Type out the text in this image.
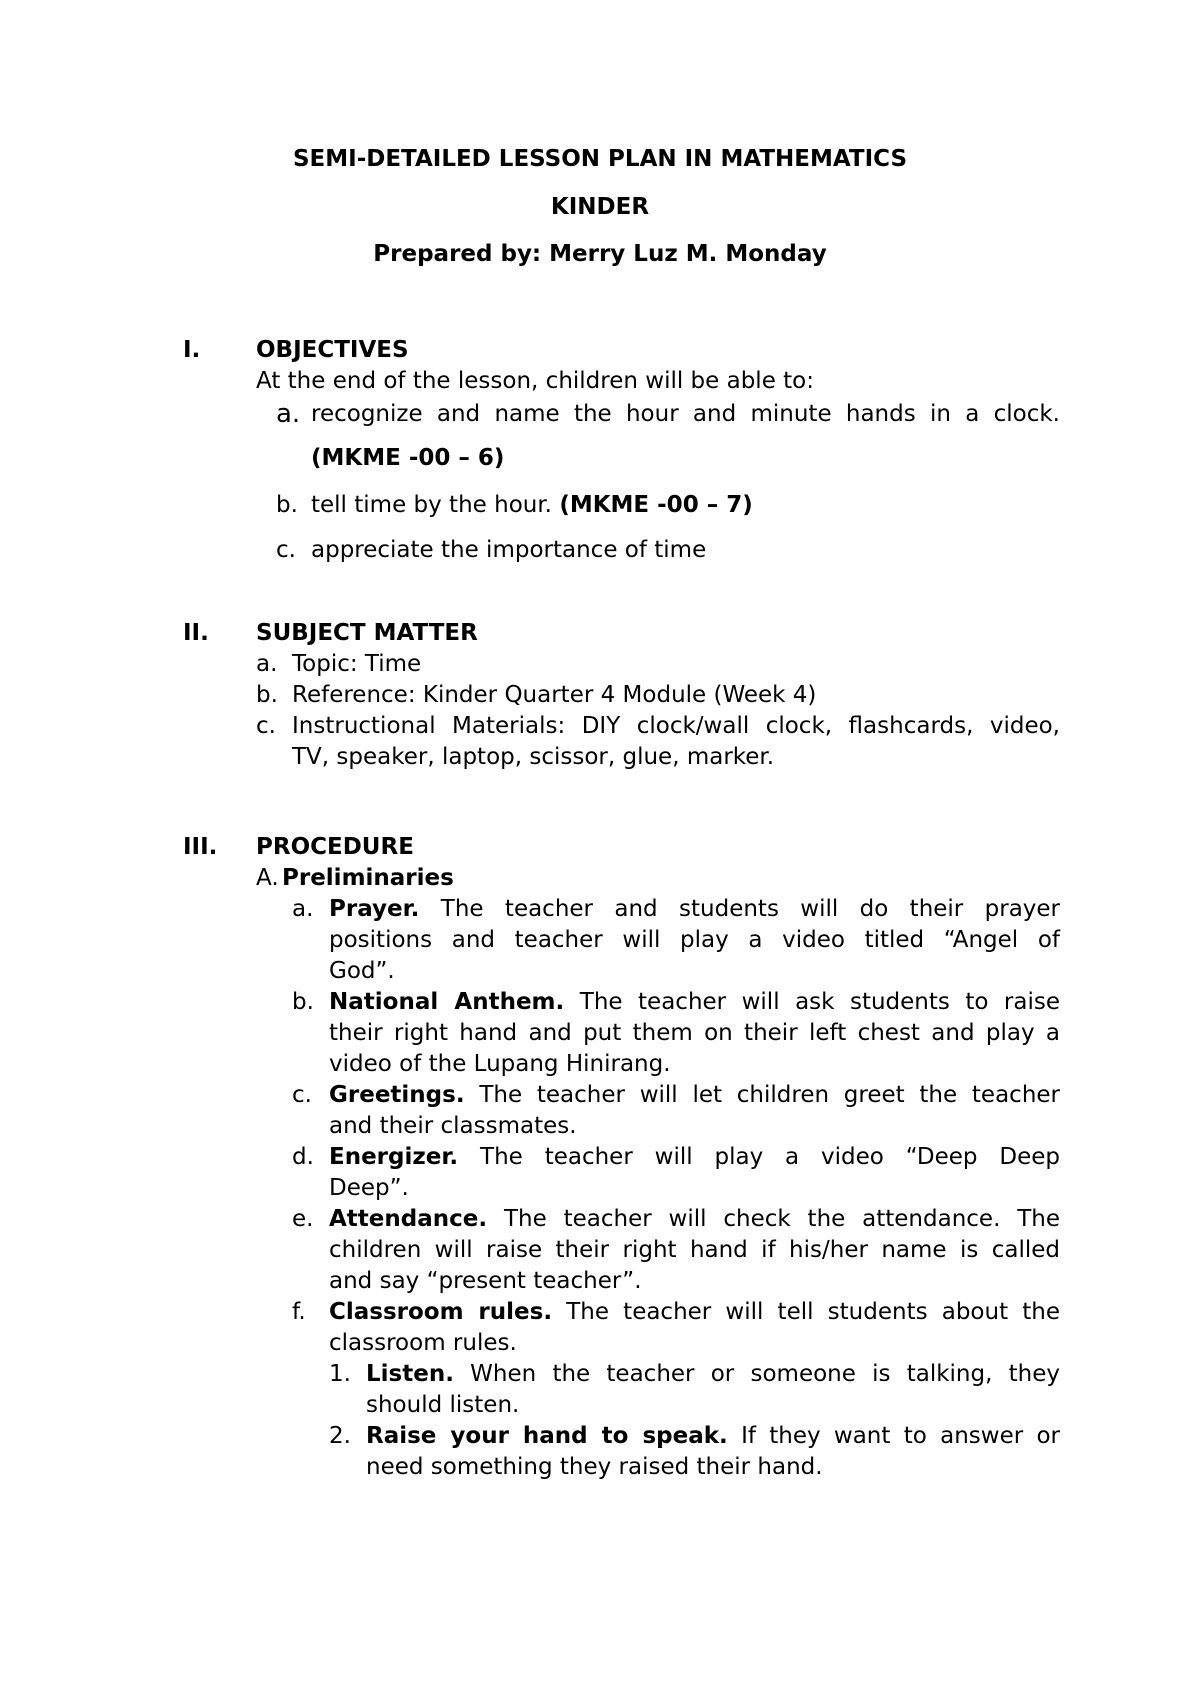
SEMI-DETAILED LESSON PLAN IN MATHEMATICS
KINDER
Prepared by: Merry Luz M. Monday
I. OBJECTIVES
At the end of the lesson, children will be able to:
a. recognize and name the hour and minute hands in a clock.
(MKME -00 – 6)
b. tell time by the hour. (MKME -00 – 7)
c. appreciate the importance of time
II. SUBJECT MATTER
a. Topic: Time
b. Reference: Kinder Quarter 4 Module (Week 4)
c. Instructional Materials: DIY clock/wall clock, flashcards, video,
TV, speaker, laptop, scissor, glue, marker.
III. PROCEDURE
A. Preliminaries
a. Prayer. The teacher and students will do their prayer
positions and teacher will play a video titled “Angel of
God”.
b. National Anthem. The teacher will ask students to raise
their right hand and put them on their left chest and play a
video of the Lupang Hinirang.
c. Greetings. The teacher will let children greet the teacher
and their classmates.
d. Energizer. The teacher will play a video “Deep Deep
Deep”.
e. Attendance. The teacher will check the attendance. The
children will raise their right hand if his/her name is called
and say “present teacher”.
f. Classroom rules. The teacher will tell students about the
classroom rules.
1. Listen. When the teacher or someone is talking, they
should listen.
2. Raise your hand to speak. If they want to answer or
need something they raised their hand.
